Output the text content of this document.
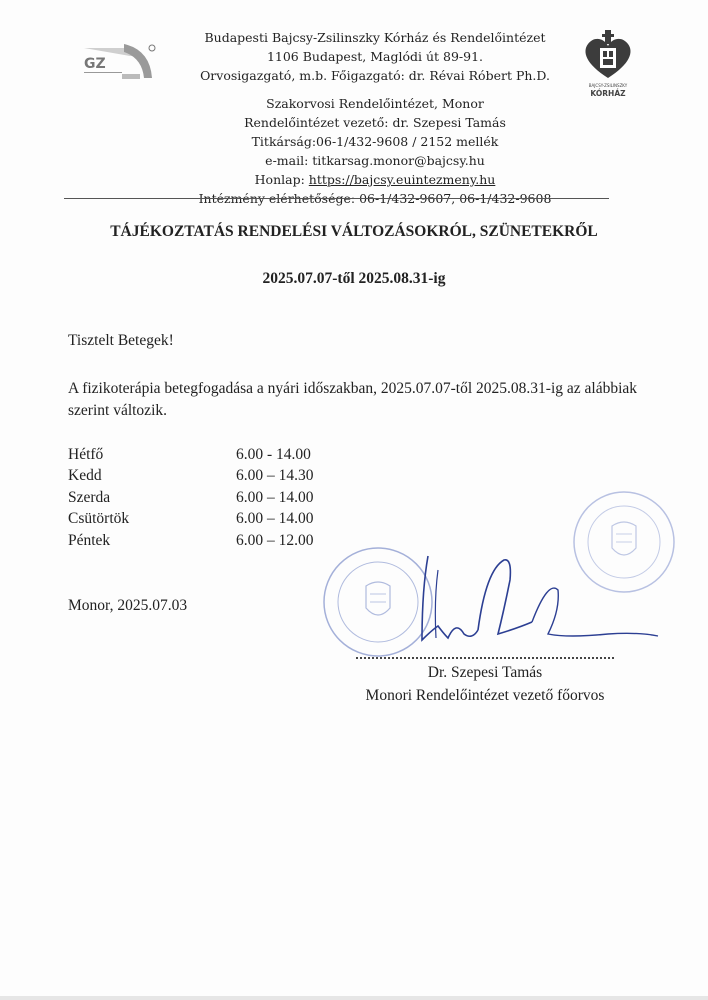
GZ
Budapesti Bajcsy-Zsilinszky Kórház és Rendelőintézet
1106 Budapest, Maglódi út 89-91.
Orvosigazgató, m.b. Főigazgató: dr. Révai Róbert Ph.D.
Szakorvosi Rendelőintézet, Monor
Rendelőintézet vezető: dr. Szepesi Tamás
Titkárság:06-1/432-9608 / 2152 mellék
e-mail: titkarsag.monor@bajcsy.hu
Honlap: https://bajcsy.euintezmeny.hu
Intézmény elérhetősége: 06-1/432-9607, 06-1/432-9608
BAJCSY-ZSILINSZKY
KÓRHÁZ
TÁJÉKOZTATÁS RENDELÉSI VÁLTOZÁSOKRÓL, SZÜNETEKRŐL
2025.07.07-től 2025.08.31-ig
Tisztelt Betegek!
A fizikoterápia betegfogadása a nyári időszakban, 2025.07.07-től 2025.08.31-ig az alábbiak szerint változik.
Hétfő	6.00 - 14.00
Kedd	6.00 – 14.30
Szerda	6.00 – 14.00
Csütörtök	6.00 – 14.00
Péntek	6.00 – 12.00
Monor, 2025.07.03
Dr. Szepesi Tamás
Monori Rendelőintézet vezető főorvos
